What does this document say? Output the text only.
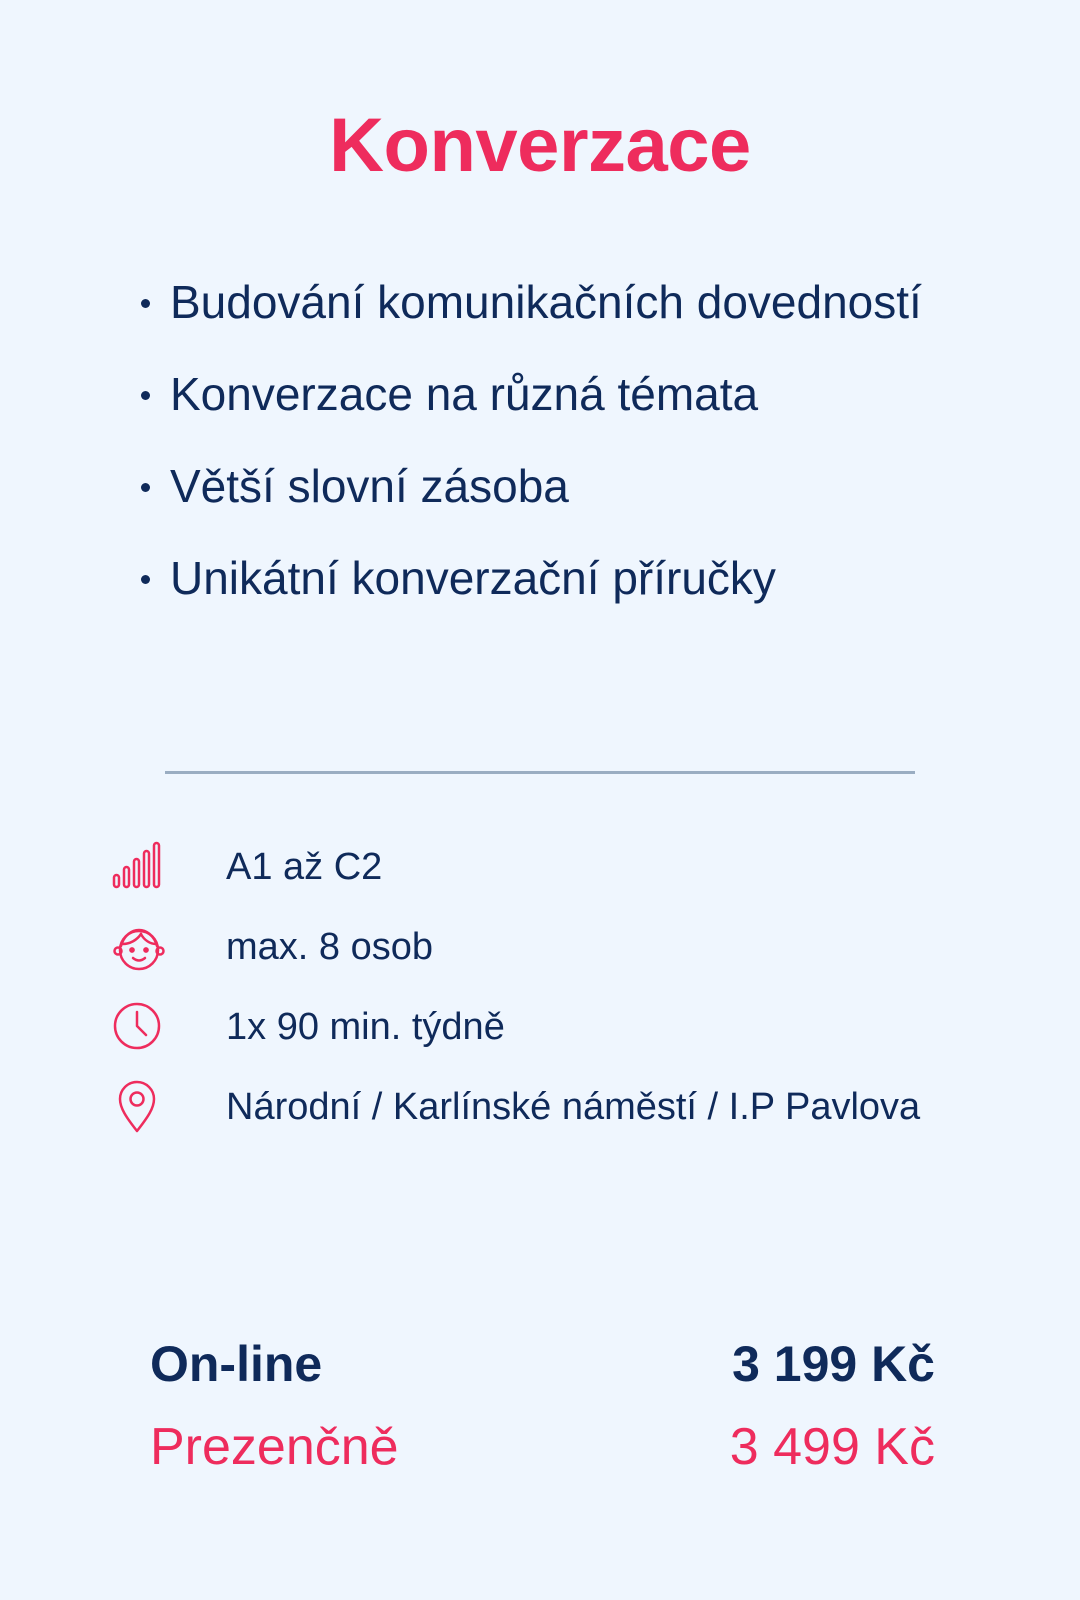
Konverzace
Budování komunikačních dovedností
Konverzace na různá témata
Větší slovní zásoba
Unikátní konverzační příručky
A1 až C2
max. 8 osob
1x 90 min. týdně
Národní / Karlínské náměstí / I.P Pavlova
On-line	3 199 Kč
Prezenčně	3 499 Kč
